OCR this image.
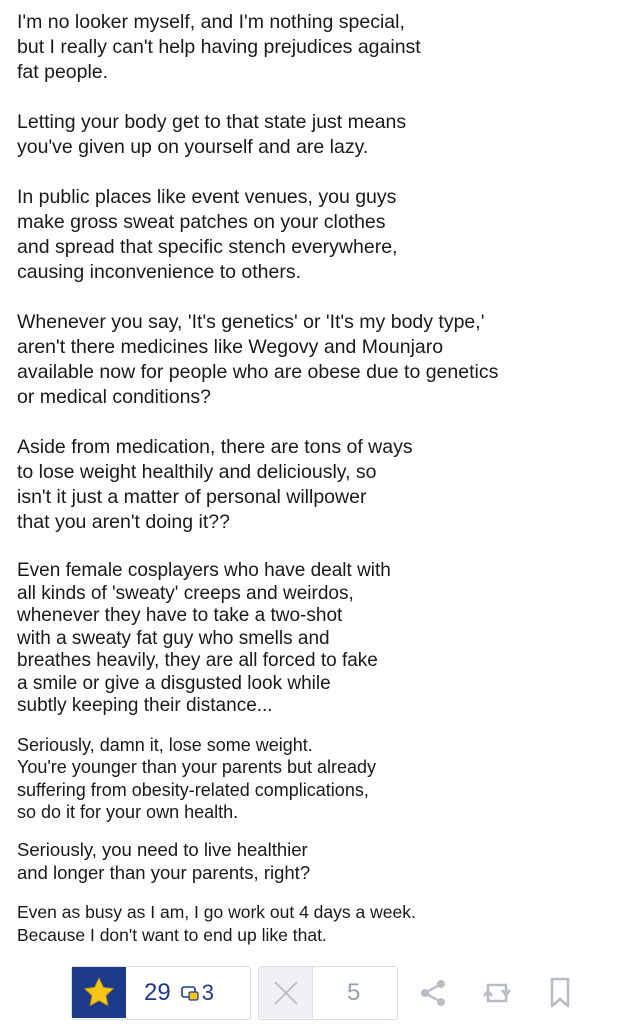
I'm no looker myself, and I'm nothing special,
but I really can't help having prejudices against
fat people.
Letting your body get to that state just means
you've given up on yourself and are lazy.
In public places like event venues, you guys
make gross sweat patches on your clothes
and spread that specific stench everywhere,
causing inconvenience to others.
Whenever you say, 'It's genetics' or 'It's my body type,'
aren't there medicines like Wegovy and Mounjaro
available now for people who are obese due to genetics
or medical conditions?
Aside from medication, there are tons of ways
to lose weight healthily and deliciously, so
isn't it just a matter of personal willpower
that you aren't doing it??
Even female cosplayers who have dealt with
all kinds of 'sweaty' creeps and weirdos,
whenever they have to take a two-shot
with a sweaty fat guy who smells and
breathes heavily, they are all forced to fake
a smile or give a disgusted look while
subtly keeping their distance...
Seriously, damn it, lose some weight.
You're younger than your parents but already
suffering from obesity-related complications,
so do it for your own health.
Seriously, you need to live healthier
and longer than your parents, right?
Even as busy as I am, I go work out 4 days a week.
Because I don't want to end up like that.
29 3	5
